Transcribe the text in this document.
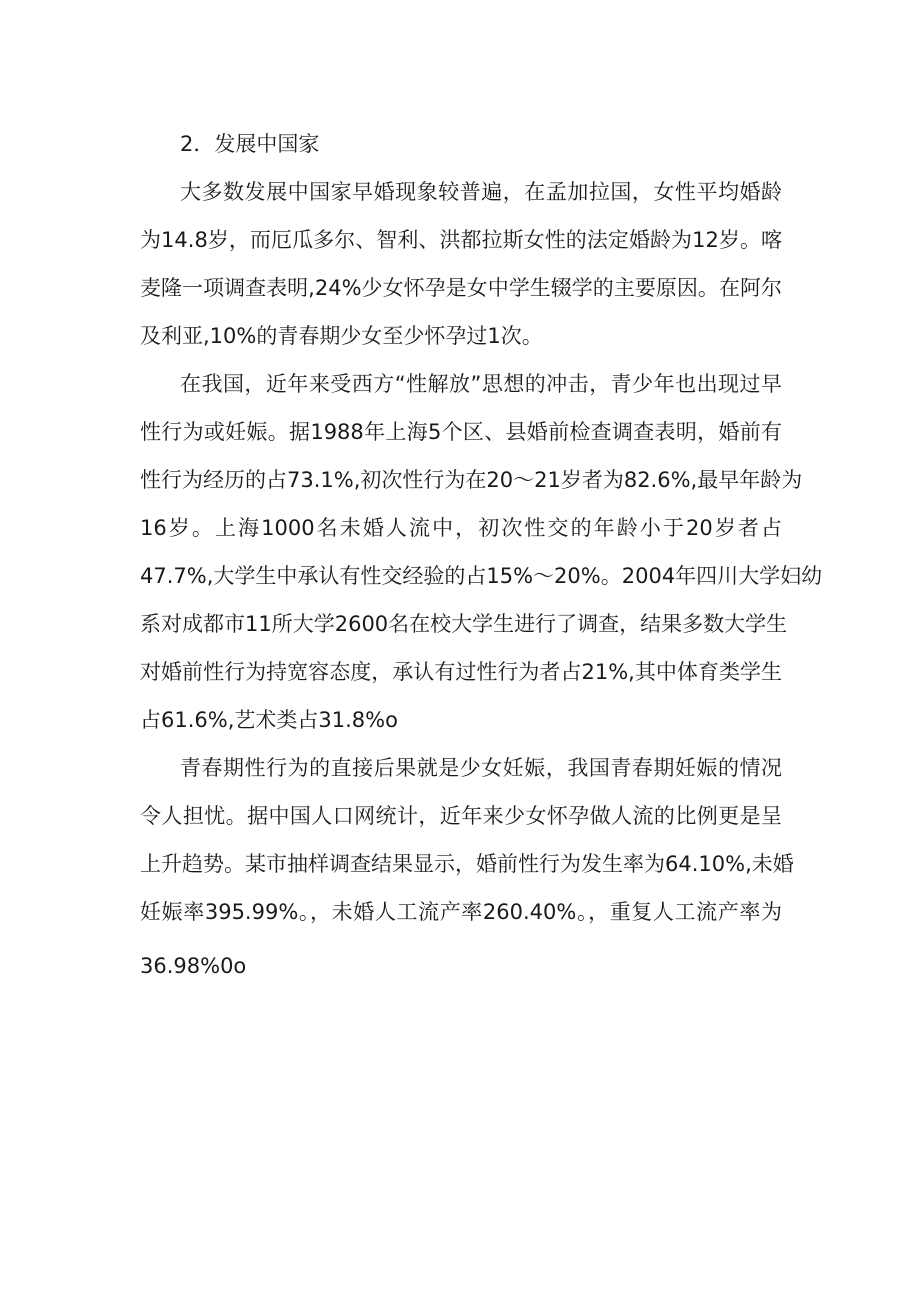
2．发展中国家
大多数发展中国家早婚现象较普遍，在孟加拉国，女性平均婚龄
为14.8岁，而厄瓜多尔、智利、洪都拉斯女性的法定婚龄为12岁。喀
麦隆一项调查表明,24%少女怀孕是女中学生辍学的主要原因。在阿尔
及利亚,10%的青春期少女至少怀孕过1次。
在我国，近年来受西方“性解放”思想的冲击，青少年也出现过早
性行为或妊娠。据1988年上海5个区、县婚前检查调查表明，婚前有
性行为经历的占73.1%,初次性行为在20～21岁者为82.6%,最早年龄为
16岁。上海1000名未婚人流中，初次性交的年龄小于20岁者占
47.7%,大学生中承认有性交经验的占15%～20%。2004年四川大学妇幼
系对成都市11所大学2600名在校大学生进行了调查，结果多数大学生
对婚前性行为持宽容态度，承认有过性行为者占21%,其中体育类学生
占61.6%,艺术类占31.8%o
青春期性行为的直接后果就是少女妊娠，我国青春期妊娠的情况
令人担忧。据中国人口网统计，近年来少女怀孕做人流的比例更是呈
上升趋势。某市抽样调查结果显示，婚前性行为发生率为64.10%,未婚
妊娠率395.99%。，未婚人工流产率260.40%。，重复人工流产率为
36.98%0o
